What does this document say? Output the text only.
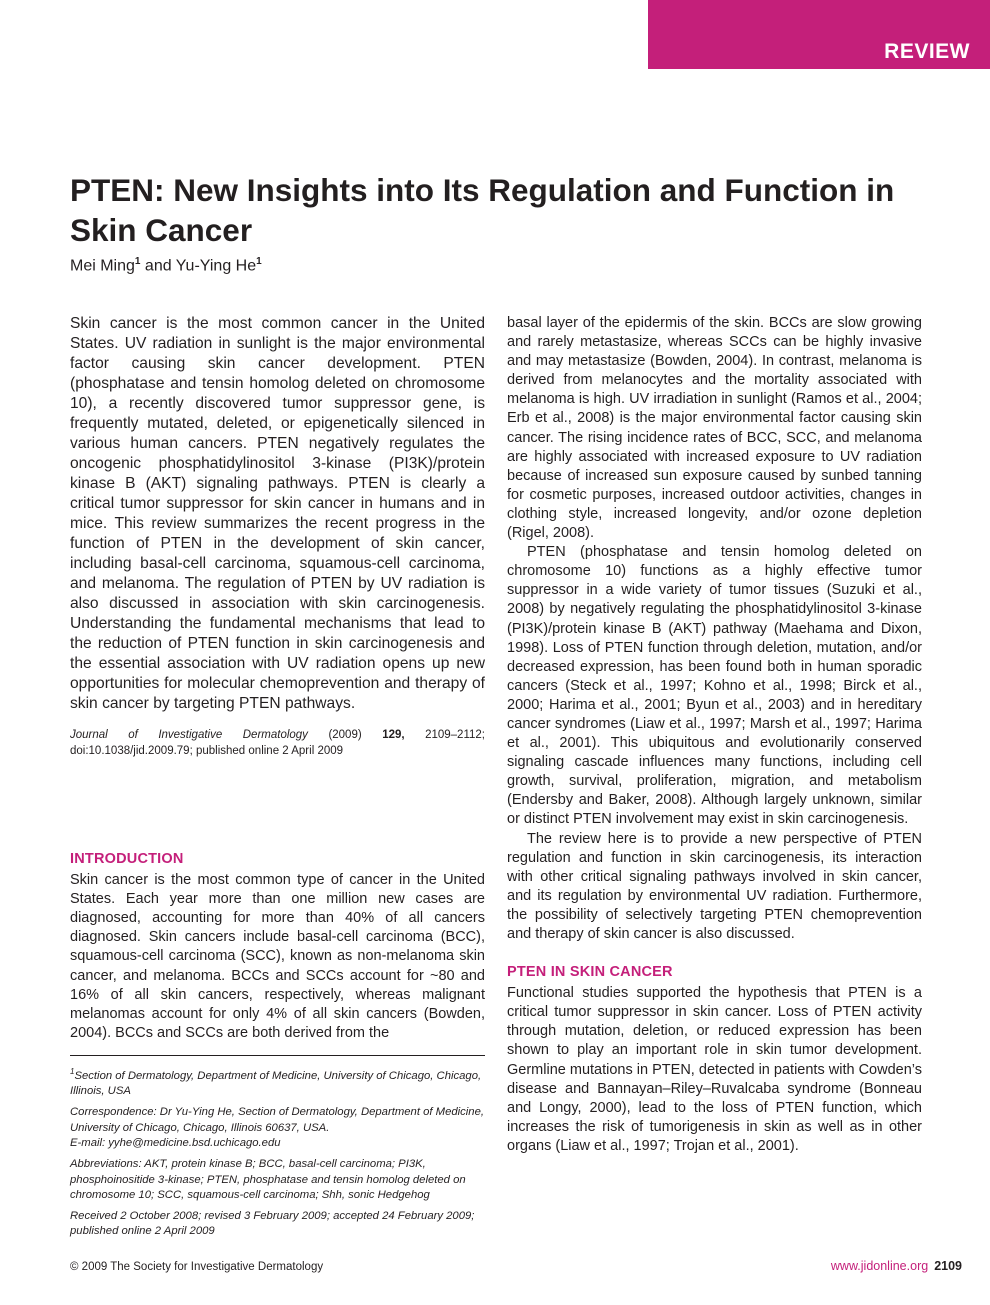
REVIEW
PTEN: New Insights into Its Regulation and Function in Skin Cancer
Mei Ming$^1$ and Yu-Ying He$^1$

Skin cancer is the most common cancer in the United States. UV radiation in sunlight is the major environmental factor causing skin cancer development. PTEN (phosphatase and tensin homolog deleted on chromosome 10), a recently discovered tumor suppressor gene, is frequently mutated, deleted, or epigenetically silenced in various human cancers. PTEN negatively regulates the oncogenic phosphatidylinositol 3-kinase (PI3K)/protein kinase B (AKT) signaling pathways. PTEN is clearly a critical tumor suppressor for skin cancer in humans and in mice. This review summarizes the recent progress in the function of PTEN in the development of skin cancer, including basal-cell carcinoma, squamous-cell carcinoma, and melanoma. The regulation of PTEN by UV radiation is also discussed in association with skin carcinogenesis. Understanding the fundamental mechanisms that lead to the reduction of PTEN function in skin carcinogenesis and the essential association with UV radiation opens up new opportunities for molecular chemoprevention and therapy of skin cancer by targeting PTEN pathways.

Journal of Investigative Dermatology (2009) 129, 2109–2112; doi:10.1038/jid.2009.79; published online 2 April 2009
INTRODUCTION

Skin cancer is the most common type of cancer in the United States. Each year more than one million new cases are diagnosed, accounting for more than 40% of all cancers diagnosed. Skin cancers include basal-cell carcinoma (BCC), squamous-cell carcinoma (SCC), known as non-melanoma skin cancer, and melanoma. BCCs and SCCs account for ~80 and 16% of all skin cancers, respectively, whereas malignant melanomas account for only 4% of all skin cancers (Bowden, 2004). BCCs and SCCs are both derived from the

$^1$Section of Dermatology, Department of Medicine, University of Chicago, Chicago, Illinois, USA

Correspondence: Dr Yu-Ying He, Section of Dermatology, Department of Medicine, University of Chicago, Chicago, Illinois 60637, USA.
E-mail: yyhe@medicine.bsd.uchicago.edu

Abbreviations: AKT, protein kinase B; BCC, basal-cell carcinoma; PI3K, phosphoinositide 3-kinase; PTEN, phosphatase and tensin homolog deleted on chromosome 10; SCC, squamous-cell carcinoma; Shh, sonic Hedgehog

Received 2 October 2008; revised 3 February 2009; accepted 24 February 2009; published online 2 April 2009

basal layer of the epidermis of the skin. BCCs are slow growing and rarely metastasize, whereas SCCs can be highly invasive and may metastasize (Bowden, 2004). In contrast, melanoma is derived from melanocytes and the mortality associated with melanoma is high. UV irradiation in sunlight (Ramos et al., 2004; Erb et al., 2008) is the major environmental factor causing skin cancer. The rising incidence rates of BCC, SCC, and melanoma are highly associated with increased exposure to UV radiation because of increased sun exposure caused by sunbed tanning for cosmetic purposes, increased outdoor activities, changes in clothing style, increased longevity, and/or ozone depletion (Rigel, 2008).

PTEN (phosphatase and tensin homolog deleted on chromosome 10) functions as a highly effective tumor suppressor in a wide variety of tumor tissues (Suzuki et al., 2008) by negatively regulating the phosphatidylinositol 3-kinase (PI3K)/protein kinase B (AKT) pathway (Maehama and Dixon, 1998). Loss of PTEN function through deletion, mutation, and/or decreased expression, has been found both in human sporadic cancers (Steck et al., 1997; Kohno et al., 1998; Birck et al., 2000; Harima et al., 2001; Byun et al., 2003) and in hereditary cancer syndromes (Liaw et al., 1997; Marsh et al., 1997; Harima et al., 2001). This ubiquitous and evolutionarily conserved signaling cascade influences many functions, including cell growth, survival, proliferation, migration, and metabolism (Endersby and Baker, 2008). Although largely unknown, similar or distinct PTEN involvement may exist in skin carcinogenesis.

The review here is to provide a new perspective of PTEN regulation and function in skin carcinogenesis, its interaction with other critical signaling pathways involved in skin cancer, and its regulation by environmental UV radiation. Furthermore, the possibility of selectively targeting PTEN chemoprevention and therapy of skin cancer is also discussed.

PTEN IN SKIN CANCER

Functional studies supported the hypothesis that PTEN is a critical tumor suppressor in skin cancer. Loss of PTEN activity through mutation, deletion, or reduced expression has been shown to play an important role in skin tumor development. Germline mutations in PTEN, detected in patients with Cowden’s disease and Bannayan–Riley–Ruvalcaba syndrome (Bonneau and Longy, 2000), lead to the loss of PTEN function, which increases the risk of tumorigenesis in skin as well as in other organs (Liaw et al., 1997; Trojan et al., 2001).

© 2009 The Society for Investigative Dermatology	www.jidonline.org 2109
